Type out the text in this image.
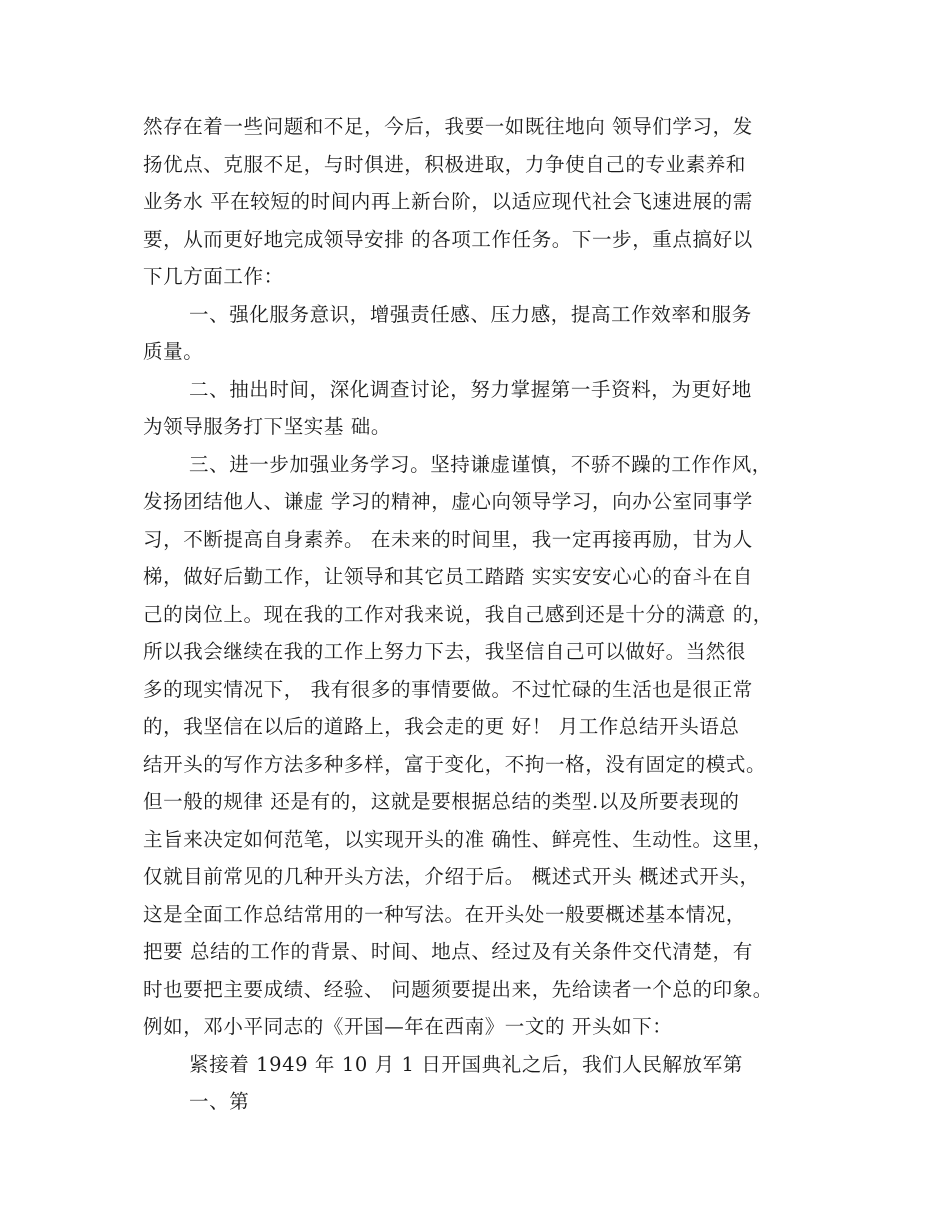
然存在着一些问题和不足，今后，我要一如既往地向 领导们学习，发
扬优点、克服不足，与时俱进，积极进取，力争使自己的专业素养和
业务水 平在较短的时间内再上新台阶，以适应现代社会飞速进展的需
要，从而更好地完成领导安排 的各项工作任务。下一步，重点搞好以
下几方面工作：
一、强化服务意识，增强责任感、压力感，提高工作效率和服务
质量。
二、抽出时间，深化调查讨论，努力掌握第一手资料，为更好地
为领导服务打下坚实基 础。
三、进一步加强业务学习。坚持谦虚谨慎，不骄不躁的工作作风，
发扬团结他人、谦虚 学习的精神，虚心向领导学习，向办公室同事学
习，不断提高自身素养。 在未来的时间里，我一定再接再励，甘为人
梯，做好后勤工作，让领导和其它员工踏踏 实实安安心心的奋斗在自
己的岗位上。现在我的工作对我来说，我自己感到还是十分的满意 的，
所以我会继续在我的工作上努力下去，我坚信自己可以做好。当然很
多的现实情况下， 我有很多的事情要做。不过忙碌的生活也是很正常
的，我坚信在以后的道路上，我会走的更 好！ 月工作总结开头语总
结开头的写作方法多种多样，富于变化，不拘一格，没有固定的模式。
但一般的规律 还是有的，这就是要根据总结的类型.以及所要表现的
主旨来决定如何范笔，以实现开头的准 确性、鲜亮性、生动性。这里，
仅就目前常见的几种开头方法，介绍于后。 概述式开头 概述式开头，
这是全面工作总结常用的一种写法。在开头处一般要概述基本情况，
把要 总结的工作的背景、时间、地点、经过及有关条件交代清楚，有
时也要把主要成绩、经验、 问题须要提出来，先给读者一个总的印象。
例如，邓小平同志的《开国—年在西南》一文的 开头如下：
紧接着 1949 年 10 月 1 日开国典礼之后，我们人民解放军第
一、第
